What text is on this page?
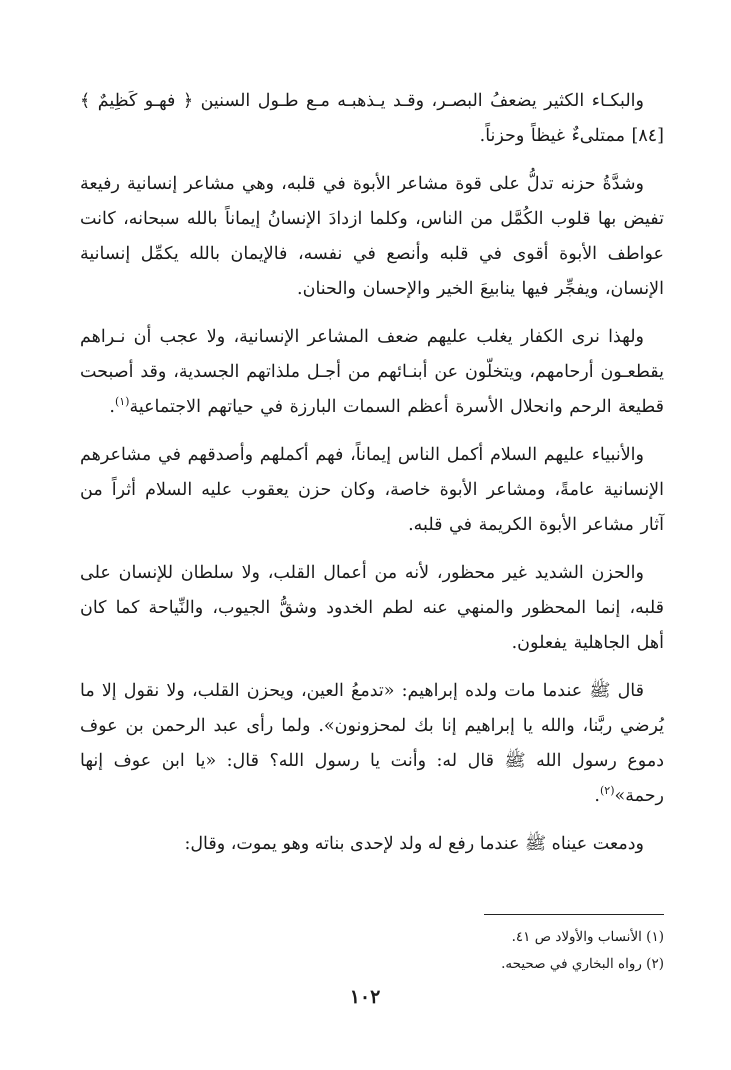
والبكـاء الكثير يضعفُ البصـر، وقـد يـذهبـه مـع طـول السنين ﴿ فهـو كَظِيمٌ ﴾ [٨٤] ممتلىءٌ غيظاً وحزناً.

وشدَّةُ حزنه تدلُّ على قوة مشاعر الأبوة في قلبه، وهي مشاعر إنسانية رفيعة تفيض بها قلوب الكُمَّل من الناس، وكلما ازدادَ الإنسانُ إيماناً بالله سبحانه، كانت عواطف الأبوة أقوى في قلبه وأنصع في نفسه، فالإيمان بالله يكمِّل إنسانية الإنسان، ويفجِّر فيها ينابيعَ الخير والإحسان والحنان.

ولهذا نرى الكفار يغلب عليهم ضعف المشاعر الإنسانية، ولا عجب أن نـراهم يقطعـون أرحامهم، ويتخلّون عن أبنـائهم من أجـل ملذاتهم الجسدية، وقد أصبحت قطيعة الرحم وانحلال الأسرة أعظم السمات البارزة في حياتهم الاجتماعية$^{(١)}$.

والأنبياء عليهم السلام أكمل الناس إيماناً، فهم أكملهم وأصدقهم في مشاعرهم الإنسانية عامةً، ومشاعر الأبوة خاصة، وكان حزن يعقوب عليه السلام أثراً من آثار مشاعر الأبوة الكريمة في قلبه.

والحزن الشديد غير محظور، لأنه من أعمال القلب، ولا سلطان للإنسان على قلبه، إنما المحظور والمنهي عنه لطم الخدود وشقُّ الجيوب، والنِّياحة كما كان أهل الجاهلية يفعلون.

قال ﷺ عندما مات ولده إبراهيم: «تدمعُ العين، ويحزن القلب، ولا نقول إلا ما يُرضي ربَّنا، والله يا إبراهيم إنا بك لمحزونون». ولما رأى عبد الرحمن بن عوف دموع رسول الله ﷺ قال له: وأنت يا رسول الله؟ قال: «يا ابن عوف إنها رحمة»$^{(٢)}$.

ودمعت عيناه ﷺ عندما رفع له ولد لإحدى بناته وهو يموت، وقال:

(١) الأنساب والأولاد ص ٤١.

(٢) رواه البخاري في صحيحه.

١٠٢
